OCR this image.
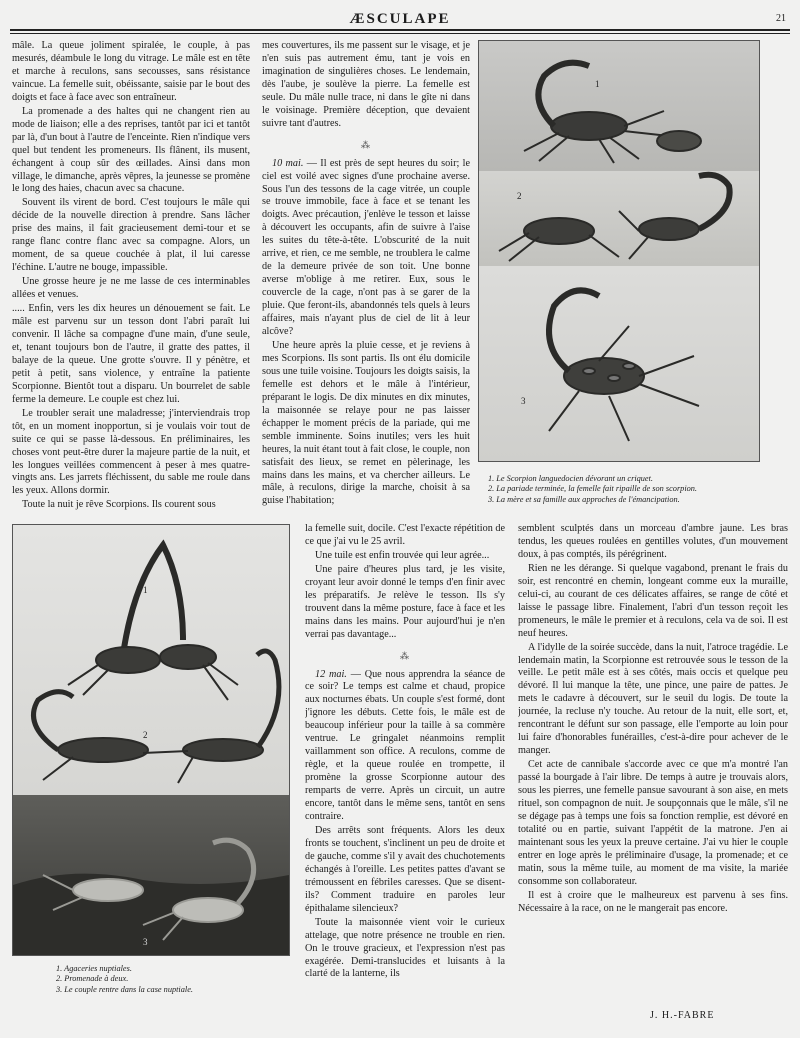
ÆSCULAPE	21

mâle. La queue joliment spiralée, le couple, à pas mesurés, déambule le long du vitrage. Le mâle est en tête et marche à reculons, sans secousses, sans résistance vaincue. La femelle suit, obéissante, saisie par le bout des doigts et face à face avec son entraîneur.

La promenade a des haltes qui ne changent rien au mode de liaison; elle a des reprises, tantôt par ici et tantôt par là, d'un bout à l'autre de l'enceinte. Rien n'indique vers quel but tendent les promeneurs. Ils flânent, ils musent, échangent à coup sûr des œillades. Ainsi dans mon village, le dimanche, après vêpres, la jeunesse se promène le long des haies, chacun avec sa chacune.

Souvent ils virent de bord. C'est toujours le mâle qui décide de la nouvelle direction à prendre. Sans lâcher prise des mains, il fait gracieusement demi-tour et se range flanc contre flanc avec sa compagne. Alors, un moment, de sa queue couchée à plat, il lui caresse l'échine. L'autre ne bouge, impassible.

Une grosse heure je ne me lasse de ces interminables allées et venues.

..... Enfin, vers les dix heures un dénouement se fait. Le mâle est parvenu sur un tesson dont l'abri paraît lui convenir. Il lâche sa compagne d'une main, d'une seule, et, tenant toujours bon de l'autre, il gratte des pattes, il balaye de la queue. Une grotte s'ouvre. Il y pénètre, et petit à petit, sans violence, y entraîne la patiente Scorpionne. Bientôt tout a disparu. Un bourrelet de sable ferme la demeure. Le couple est chez lui.

Le troubler serait une maladresse; j'interviendrais trop tôt, en un moment inopportun, si je voulais voir tout de suite ce qui se passe là-dessous. En préliminaires, les choses vont peut-être durer la majeure partie de la nuit, et les longues veillées commencent à peser à mes quatre-vingts ans. Les jarrets fléchissent, du sable me roule dans les yeux. Allons dormir.

Toute la nuit je rêve Scorpions. Ils courent sous

mes couvertures, ils me passent sur le visage, et je n'en suis pas autrement ému, tant je vois en imagination de singulières choses. Le lendemain, dès l'aube, je soulève la pierre. La femelle est seule. Du mâle nulle trace, ni dans le gîte ni dans le voisinage. Première déception, que devaient suivre tant d'autres.

⁂

10 mai. — Il est près de sept heures du soir; le ciel est voilé avec signes d'une prochaine averse. Sous l'un des tessons de la cage vitrée, un couple se trouve immobile, face à face et se tenant les doigts. Avec précaution, j'enlève le tesson et laisse à découvert les occupants, afin de suivre à l'aise les suites du tête-à-tête. L'obscurité de la nuit arrive, et rien, ce me semble, ne troublera le calme de la demeure privée de son toit. Une bonne averse m'oblige à me retirer. Eux, sous le couvercle de la cage, n'ont pas à se garer de la pluie. Que feront-ils, abandonnés tels quels à leurs affaires, mais n'ayant plus de ciel de lit à leur alcôve?

Une heure après la pluie cesse, et je reviens à mes Scorpions. Ils sont partis. Ils ont élu domicile sous une tuile voisine. Toujours les doigts saisis, la femelle est dehors et le mâle à l'intérieur, préparant le logis. De dix minutes en dix minutes, la maisonnée se relaye pour ne pas laisser échapper le moment précis de la pariade, qui me semble imminente. Soins inutiles; vers les huit heures, la nuit étant tout à fait close, le couple, non satisfait des lieux, se remet en pèlerinage, les mains dans les mains, et va chercher ailleurs. Le mâle, à reculons, dirige la marche, choisit à sa guise l'habitation;

la femelle suit, docile. C'est l'exacte répétition de ce que j'ai vu le 25 avril.

Une tuile est enfin trouvée qui leur agrée...

Une paire d'heures plus tard, je les visite, croyant leur avoir donné le temps d'en finir avec les préparatifs. Je relève le tesson. Ils s'y trouvent dans la même posture, face à face et les mains dans les mains. Pour aujourd'hui je n'en verrai pas davantage...

⁂

12 mai. — Que nous apprendra la séance de ce soir? Le temps est calme et chaud, propice aux nocturnes ébats. Un couple s'est formé, dont j'ignore les débuts. Cette fois, le mâle est de beaucoup inférieur pour la taille à sa commère ventrue. Le gringalet néanmoins remplit vaillamment son office. A reculons, comme de règle, et la queue roulée en trompette, il promène la grosse Scorpionne autour des remparts de verre. Après un circuit, un autre encore, tantôt dans le même sens, tantôt en sens contraire.

Des arrêts sont fréquents. Alors les deux fronts se touchent, s'inclinent un peu de droite et de gauche, comme s'il y avait des chuchotements échangés à l'oreille. Les petites pattes d'avant se trémoussent en fébriles caresses. Que se disent-ils? Comment traduire en paroles leur épithalame silencieux?

Toute la maisonnée vient voir le curieux attelage, que notre présence ne trouble en rien. On le trouve gracieux, et l'expression n'est pas exagérée. Demi-translucides et luisants à la clarté de la lanterne, ils

semblent sculptés dans un morceau d'ambre jaune. Les bras tendus, les queues roulées en gentilles volutes, d'un mouvement doux, à pas comptés, ils pérégrinent.

Rien ne les dérange. Si quelque vagabond, prenant le frais du soir, est rencontré en chemin, longeant comme eux la muraille, celui-ci, au courant de ces délicates affaires, se range de côté et laisse le passage libre. Finalement, l'abri d'un tesson reçoit les promeneurs, le mâle le premier et à reculons, cela va de soi. Il est neuf heures.

A l'idylle de la soirée succède, dans la nuit, l'atroce tragédie. Le lendemain matin, la Scorpionne est retrouvée sous le tesson de la veille. Le petit mâle est à ses côtés, mais occis et quelque peu dévoré. Il lui manque la tête, une pince, une paire de pattes. Je mets le cadavre à découvert, sur le seuil du logis. De toute la journée, la recluse n'y touche. Au retour de la nuit, elle sort, et, rencontrant le défunt sur son passage, elle l'emporte au loin pour lui faire d'honorables funérailles, c'est-à-dire pour achever de le manger.

Cet acte de cannibale s'accorde avec ce que m'a montré l'an passé la bourgade à l'air libre. De temps à autre je trouvais alors, sous les pierres, une femelle pansue savourant à son aise, en mets rituel, son compagnon de nuit. Je soupçonnais que le mâle, s'il ne se dégage pas à temps une fois sa fonction remplie, est dévoré en totalité ou en partie, suivant l'appétit de la matrone. J'en ai maintenant sous les yeux la preuve certaine. J'ai vu hier le couple entrer en loge après le préliminaire d'usage, la promenade; et ce matin, sous la même tuile, au moment de ma visite, la mariée consomme son collaborateur.

Il est à croire que le malheureux est parvenu à ses fins. Nécessaire à la race, on ne le mangerait pas encore.

J. H.-FABRE
1
2
3
1. Le Scorpion languedocien dévorant un criquet.
2. La pariade terminée, la femelle fait ripaille de son scorpion.
3. La mère et sa famille aux approches de l'émancipation.
1
2
3
1. Agaceries nuptiales.
2. Promenade à deux.
3. Le couple rentre dans la case nuptiale.
